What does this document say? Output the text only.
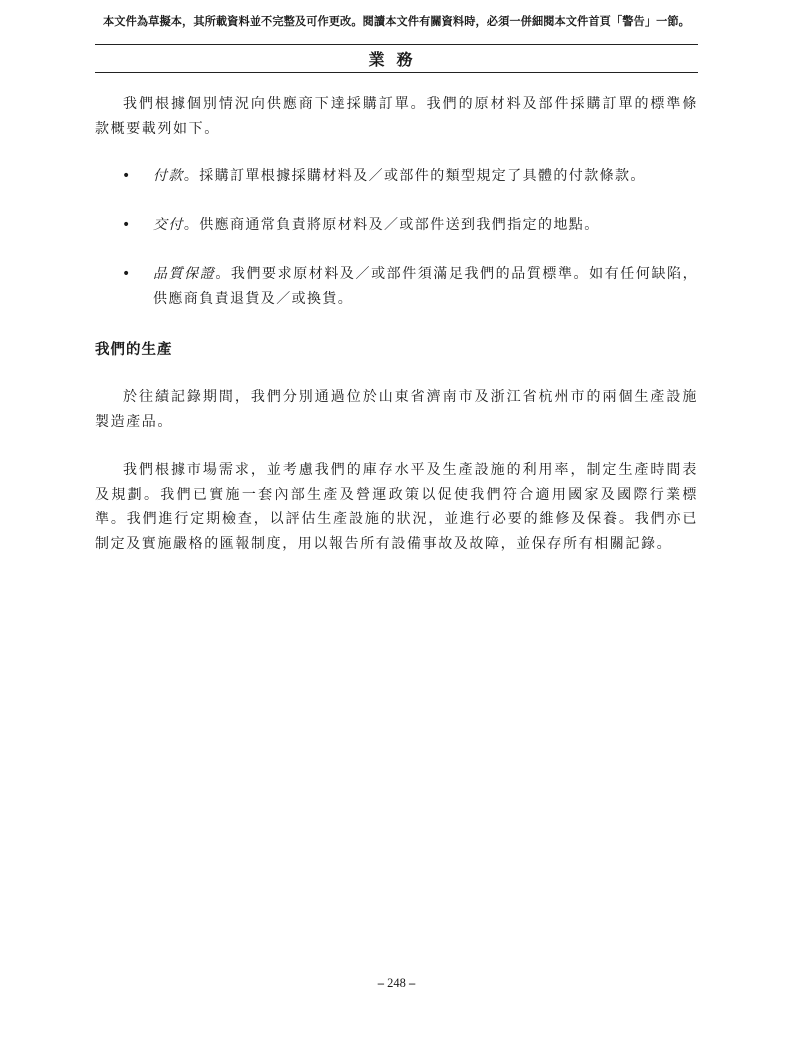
本文件為草擬本，其所載資料並不完整及可作更改。閱讀本文件有關資料時，必須一併細閱本文件首頁「警告」一節。
業務

我們根據個別情況向供應商下達採購訂單。我們的原材料及部件採購訂單的標準條款概要載列如下。

• 付款。採購訂單根據採購材料及／或部件的類型規定了具體的付款條款。
• 交付。供應商通常負責將原材料及／或部件送到我們指定的地點。
• 品質保證。我們要求原材料及／或部件須滿足我們的品質標準。如有任何缺陷，供應商負責退貨及／或換貨。
我們的生產

於往績記錄期間，我們分別通過位於山東省濟南市及浙江省杭州市的兩個生產設施製造產品。

我們根據市場需求，並考慮我們的庫存水平及生產設施的利用率，制定生產時間表及規劃。我們已實施一套內部生產及營運政策以促使我們符合適用國家及國際行業標準。我們進行定期檢查，以評估生產設施的狀況，並進行必要的維修及保養。我們亦已制定及實施嚴格的匯報制度，用以報告所有設備事故及故障，並保存所有相關記錄。

– 248 –
